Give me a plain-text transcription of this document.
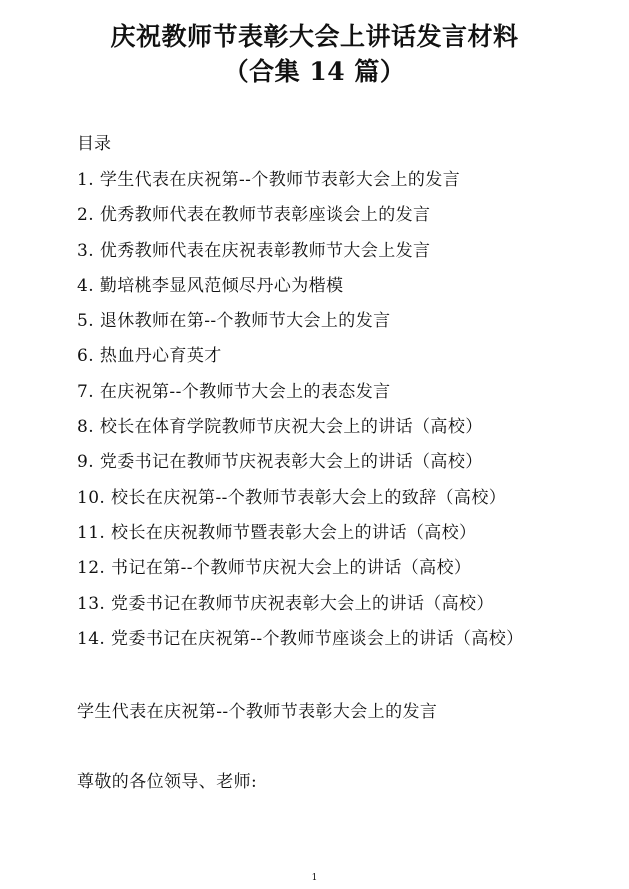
庆祝教师节表彰大会上讲话发言材料
（合集 14 篇）
目录
1. 学生代表在庆祝第--个教师节表彰大会上的发言
2. 优秀教师代表在教师节表彰座谈会上的发言
3. 优秀教师代表在庆祝表彰教师节大会上发言
4. 勤培桃李显风范倾尽丹心为楷模
5. 退休教师在第--个教师节大会上的发言
6. 热血丹心育英才
7. 在庆祝第--个教师节大会上的表态发言
8. 校长在体育学院教师节庆祝大会上的讲话（高校）
9. 党委书记在教师节庆祝表彰大会上的讲话（高校）
10. 校长在庆祝第--个教师节表彰大会上的致辞（高校）
11. 校长在庆祝教师节暨表彰大会上的讲话（高校）
12. 书记在第--个教师节庆祝大会上的讲话（高校）
13. 党委书记在教师节庆祝表彰大会上的讲话（高校）
14. 党委书记在庆祝第--个教师节座谈会上的讲话（高校）
学生代表在庆祝第--个教师节表彰大会上的发言
尊敬的各位领导、老师:
1
